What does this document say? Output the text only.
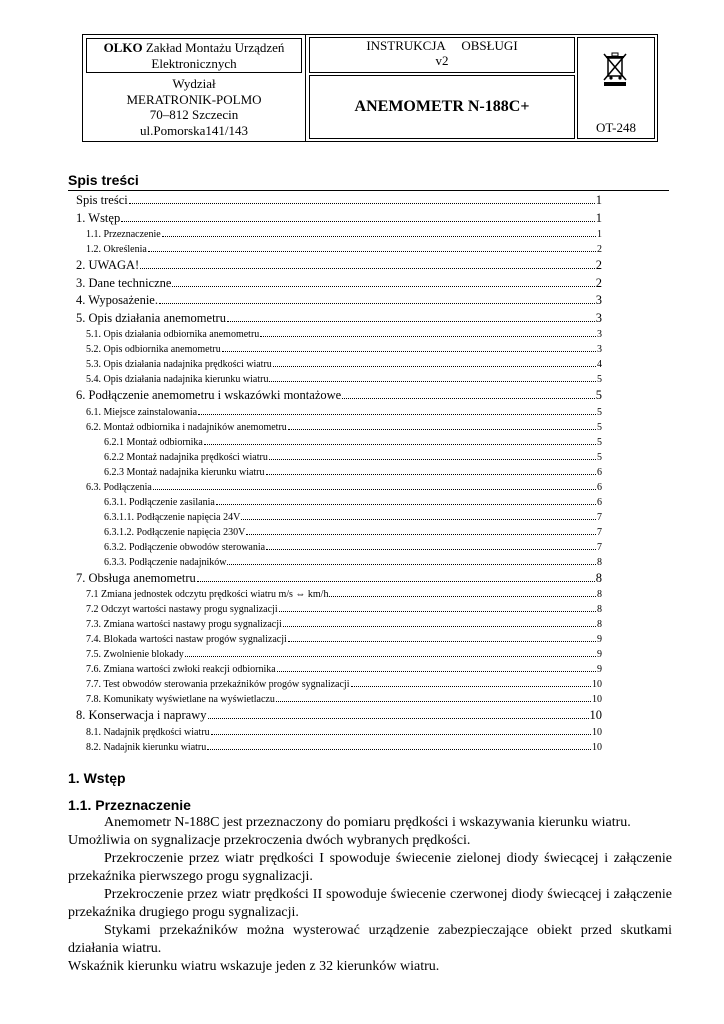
OLKO Zakład Montażu Urządzeń Elektronicznych
Wydział
MERATRONIK-POLMO
70–812 Szczecin
ul.Pomorska141/143
INSTRUKCJA     OBSŁUGI
v2
ANEMOMETR N-188C+
OT-248
Spis treści
Spis treści	1
1. Wstęp	1
1.1. Przeznaczenie	1
1.2. Określenia	2
2. UWAGA!	2
3. Dane techniczne	2
4. Wyposażenie.	3
5. Opis działania anemometru	3
5.1. Opis działania odbiornika anemometru	3
5.2. Opis odbiornika anemometru	3
5.3. Opis działania nadajnika prędkości wiatru	4
5.4. Opis działania nadajnika kierunku wiatru	5
6. Podłączenie anemometru i wskazówki montażowe	5
6.1. Miejsce zainstalowania	5
6.2. Montaż odbiornika i nadajników anemometru	5
6.2.1 Montaż odbiornika	5
6.2.2 Montaż nadajnika prędkości wiatru	5
6.2.3 Montaż nadajnika kierunku wiatru	6
6.3. Podłączenia	6
6.3.1. Podłączenie zasilania	6
6.3.1.1. Podłączenie napięcia 24V	7
6.3.1.2. Podłączenie napięcia 230V	7
6.3.2. Podłączenie obwodów sterowania	7
6.3.3. Podłączenie nadajników	8
7. Obsługa anemometru	8
7.1 Zmiana jednostek odczytu prędkości wiatru m/s ⇔ km/h	8
7.2 Odczyt wartości nastawy progu sygnalizacji	8
7.3. Zmiana wartości nastawy progu sygnalizacji	8
7.4. Blokada wartości nastaw progów sygnalizacji	9
7.5. Zwolnienie blokady	9
7.6. Zmiana wartości zwłoki reakcji odbiornika	9
7.7. Test obwodów sterowania przekaźników progów sygnalizacji	10
7.8. Komunikaty wyświetlane na wyświetlaczu	10
8. Konserwacja i naprawy	10
8.1. Nadajnik prędkości wiatru	10
8.2. Nadajnik kierunku wiatru	10
1. Wstęp
1.1. Przeznaczenie

Anemometr N-188C jest przeznaczony do pomiaru prędkości i wskazywania kierunku wiatru.

Umożliwia on sygnalizacje przekroczenia dwóch wybranych prędkości.

Przekroczenie przez wiatr prędkości I spowoduje świecenie zielonej diody świecącej i załączenie przekaźnika pierwszego progu sygnalizacji.

Przekroczenie przez wiatr prędkości II spowoduje świecenie czerwonej diody świecącej i załączenie przekaźnika drugiego progu sygnalizacji.

Stykami przekaźników można wysterować urządzenie zabezpieczające obiekt przed skutkami działania wiatru.

Wskaźnik kierunku wiatru wskazuje jeden z 32 kierunków wiatru.
